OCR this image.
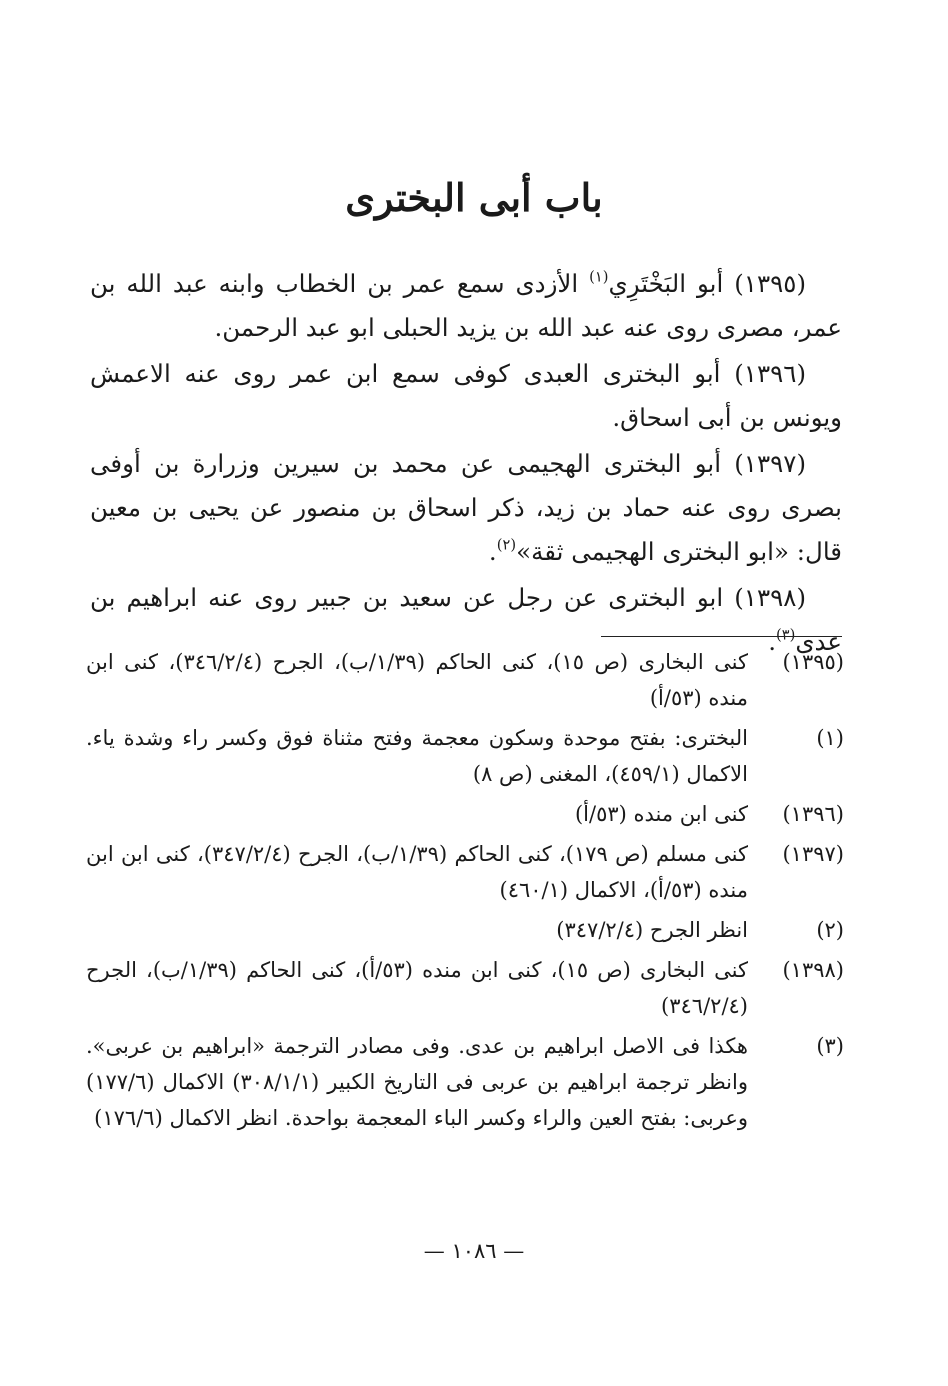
باب أبى البخترى

(١٣٩٥) أبو البَخْتَرِي$^{(١)}$ الأزدى سمع عمر بن الخطاب وابنه عبد الله بن عمر، مصرى روى عنه عبد الله بن يزيد الحبلى ابو عبد الرحمن.

(١٣٩٦) أبو البخترى العبدى كوفى سمع ابن عمر روى عنه الاعمش ويونس بن أبى اسحاق.

(١٣٩٧) أبو البخترى الهجيمى عن محمد بن سيرين وزرارة بن أوفى بصرى روى عنه حماد بن زيد، ذكر اسحاق بن منصور عن يحيى بن معين قال: «ابو البخترى الهجيمى ثقة»$^{(٢)}$.

(١٣٩٨) ابو البخترى عن رجل عن سعيد بن جبير روى عنه ابراهيم بن عدى$^{(٣)}$.

(١٣٩٥)
كنى البخارى (ص ١٥)، كنى الحاكم (١/٣٩/ب)، الجرح (٣٤٦/٢/٤)، كنى ابن منده (٥٣/أ)
(١)
البخترى: بفتح موحدة وسكون معجمة وفتح مثناة فوق وكسر راء وشدة ياء. الاكمال (٤٥٩/١)، المغنى (ص ٨)
(١٣٩٦)
كنى ابن منده (٥٣/أ)
(١٣٩٧)
كنى مسلم (ص ١٧٩)، كنى الحاكم (١/٣٩/ب)، الجرح (٣٤٧/٢/٤)، كنى ابن ابن منده (٥٣/أ)، الاكمال (٤٦٠/١)
(٢)
انظر الجرح (٣٤٧/٢/٤)
(١٣٩٨)
كنى البخارى (ص ١٥)، كنى ابن منده (٥٣/أ)، كنى الحاكم (١/٣٩/ب)، الجرح (٣٤٦/٢/٤)
(٣)
هكذا فى الاصل ابراهيم بن عدى. وفى مصادر الترجمة «ابراهيم بن عربى». وانظر ترجمة ابراهيم بن عربى فى التاريخ الكبير (٣٠٨/١/١) الاكمال (١٧٧/٦) وعربى: بفتح العين والراء وكسر الباء المعجمة بواحدة. انظر الاكمال (١٧٦/٦)
— ١٠٨٦ —
